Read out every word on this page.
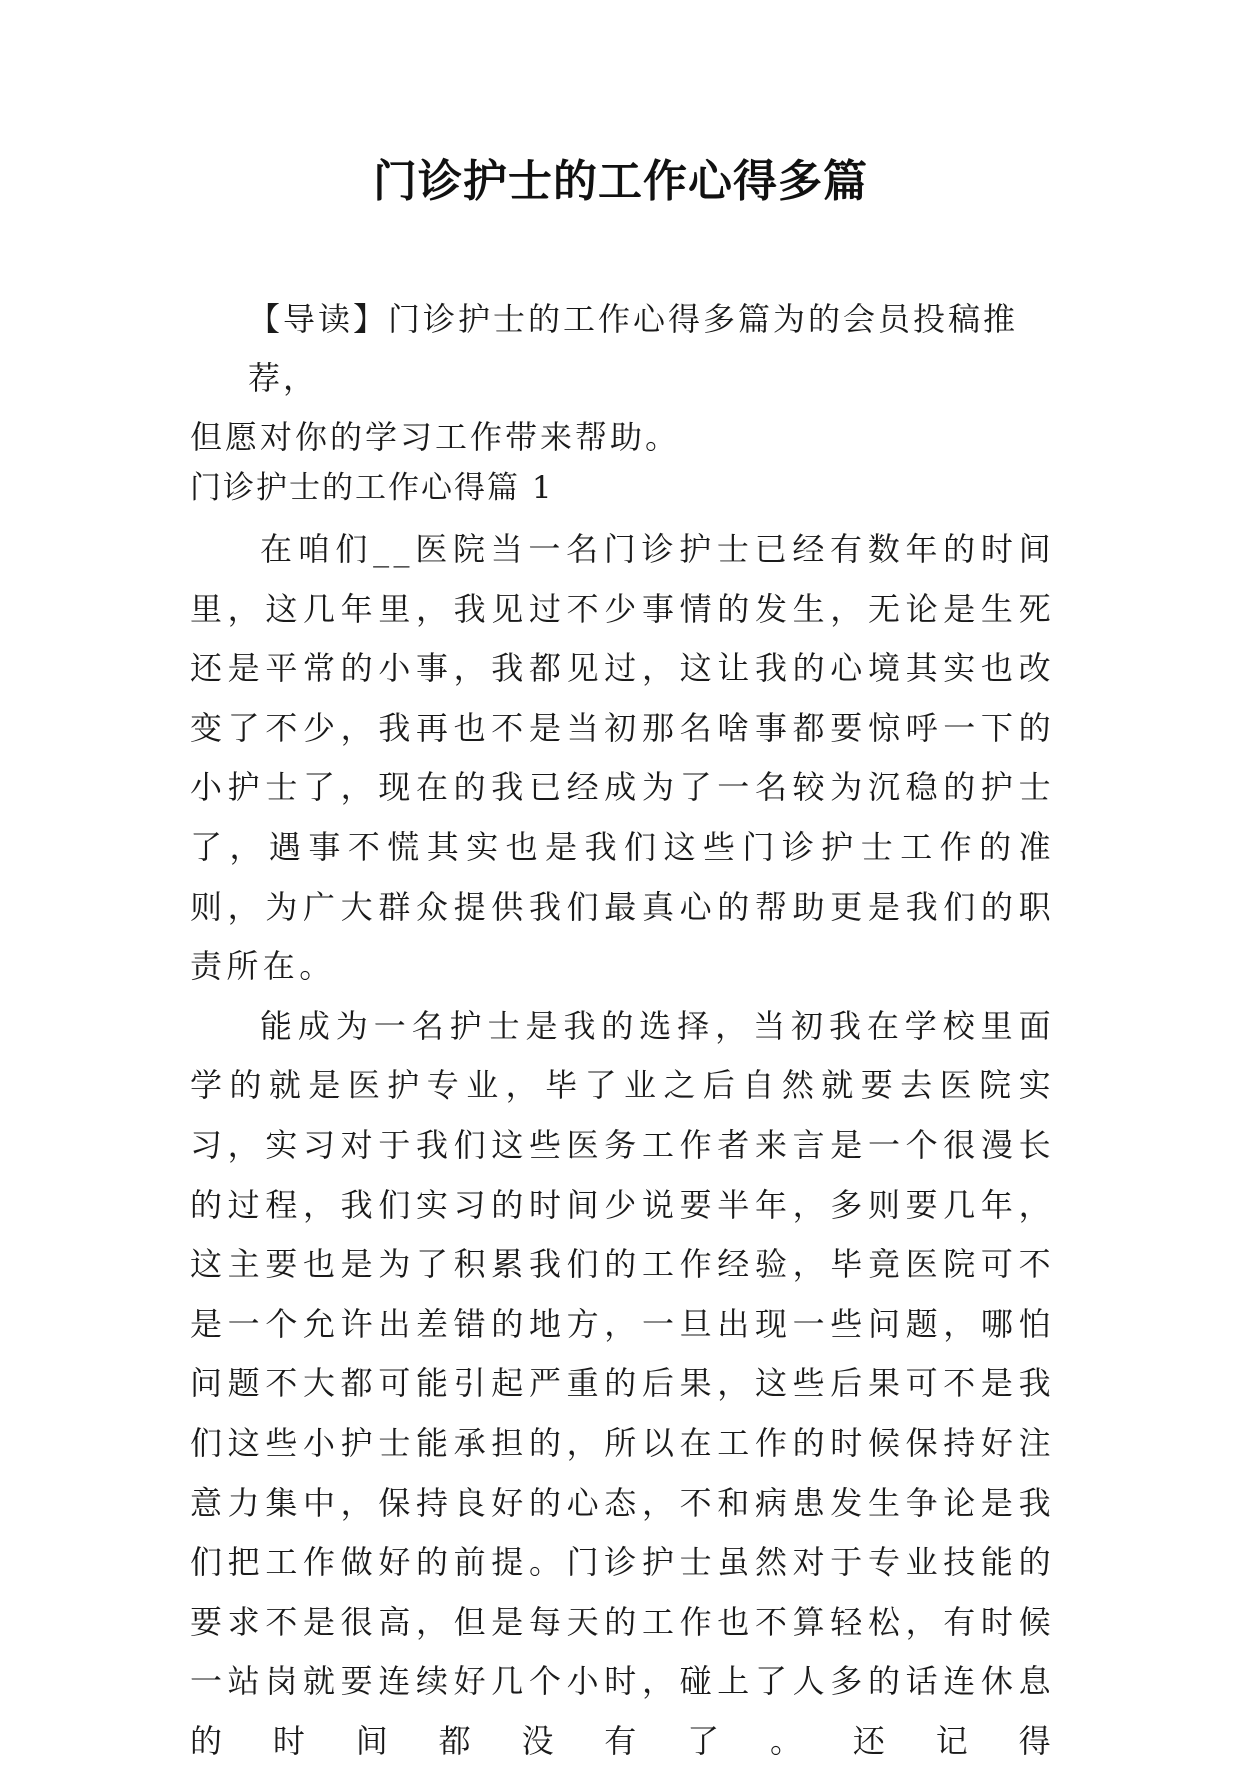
门诊护士的工作心得多篇
【导读】门诊护士的工作心得多篇为的会员投稿推荐，
但愿对你的学习工作带来帮助。
门诊护士的工作心得篇 1

在咱们__医院当一名门诊护士已经有数年的时间里，这几年里，我见过不少事情的发生，无论是生死还是平常的小事，我都见过，这让我的心境其实也改变了不少，我再也不是当初那名啥事都要惊呼一下的小护士了，现在的我已经成为了一名较为沉稳的护士了，遇事不慌其实也是我们这些门诊护士工作的准则，为广大群众提供我们最真心的帮助更是我们的职责所在。

能成为一名护士是我的选择，当初我在学校里面学的就是医护专业，毕了业之后自然就要去医院实习，实习对于我们这些医务工作者来言是一个很漫长的过程，我们实习的时间少说要半年，多则要几年，这主要也是为了积累我们的工作经验，毕竟医院可不是一个允许出差错的地方，一旦出现一些问题，哪怕问题不大都可能引起严重的后果，这些后果可不是我们这些小护士能承担的，所以在工作的时候保持好注意力集中，保持良好的心态，不和病患发生争论是我们把工作做好的前提。门诊护士虽然对于专业技能的要求不是很高，但是每天的工作也不算轻松，有时候一站岗就要连续好几个小时，碰上了人多的话连休息的时间都没有了。还记得
